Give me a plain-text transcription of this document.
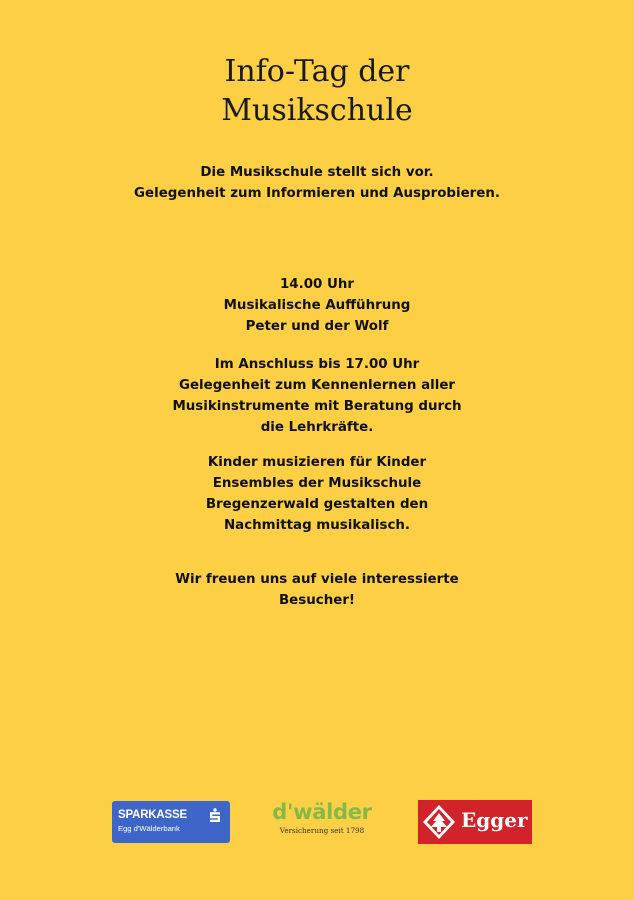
Info-Tag der
Musikschule
Die Musikschule stellt sich vor.
Gelegenheit zum Informieren und Ausprobieren.
14.00 Uhr
Musikalische Aufführung
Peter und der Wolf
Im Anschluss bis 17.00 Uhr
Gelegenheit zum Kennenlernen aller
Musikinstrumente mit Beratung durch
die Lehrkräfte.
Kinder musizieren für Kinder
Ensembles der Musikschule
Bregenzerwald gestalten den
Nachmittag musikalisch.
Wir freuen uns auf viele interessierte
Besucher!
SPARKASSE
Egg d'Wälderbank
d'wälder
Versicherung seit 1798	Egger
